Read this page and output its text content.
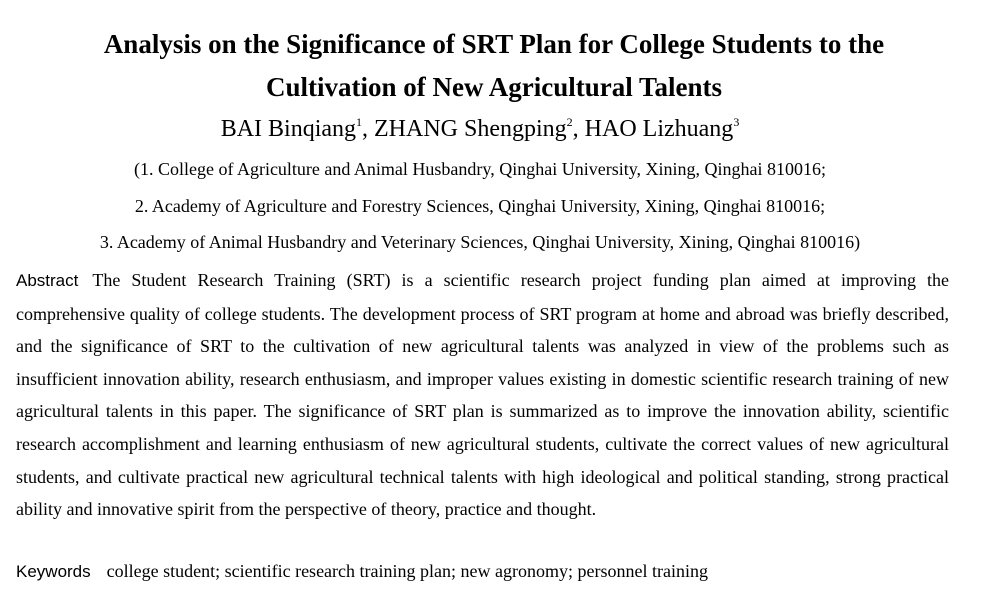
Analysis on the Significance of SRT Plan for College Students to the
Cultivation of New Agricultural Talents
BAI Binqiang$^1$, ZHANG Shengping$^2$, HAO Lizhuang$^3$
(1. College of Agriculture and Animal Husbandry, Qinghai University, Xining, Qinghai 810016;
2. Academy of Agriculture and Forestry Sciences, Qinghai University, Xining, Qinghai 810016;
3. Academy of Animal Husbandry and Veterinary Sciences, Qinghai University, Xining, Qinghai 810016)
Abstract The Student Research Training (SRT) is a scientific research project funding plan aimed at improving the comprehensive quality of college students. The development process of SRT program at home and abroad was briefly described, and the significance of SRT to the cultivation of new agricultural talents was analyzed in view of the problems such as insufficient innovation ability, research enthusiasm, and improper values existing in domestic scientific research training of new agricultural talents in this paper. The significance of SRT plan is summarized as to improve the innovation ability, scientific research accomplishment and learning enthusiasm of new agricultural students, cultivate the correct values of new agricultural students, and cultivate practical new agricultural technical talents with high ideological and political standing, strong practical ability and innovative spirit from the perspective of theory, practice and thought.
Keywords college student; scientific research training plan; new agronomy; personnel training
